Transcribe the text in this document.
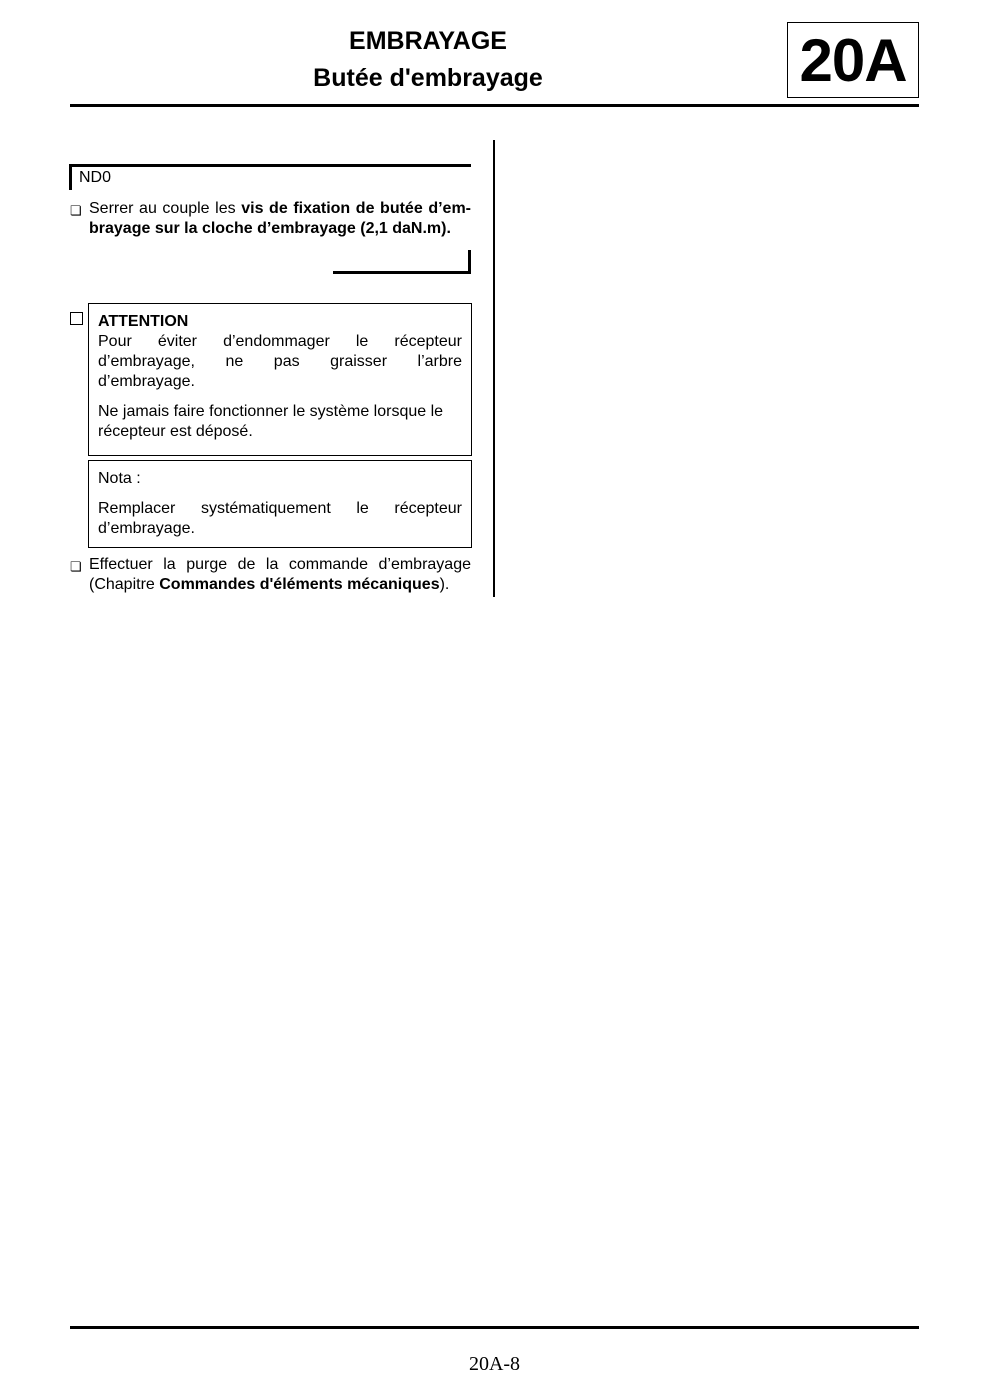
EMBRAYAGE
Butée d'embrayage	20A
ND0
❏ Serrer au couple les vis de fixation de butée d’em-
brayage sur la cloche d’embrayage (2,1 daN.m).
ATTENTION

Pour éviter d’endommager le récepteur

d’embrayage, ne pas graisser l’arbre

d’embrayage.

Ne jamais faire fonctionner le système lorsque le récepteur est déposé.

Nota :

Remplacer systématiquement le récepteur

d’embrayage.

❏ Effectuer la purge de la commande d’embrayage
(Chapitre Commandes d'éléments mécaniques).
20A-8
